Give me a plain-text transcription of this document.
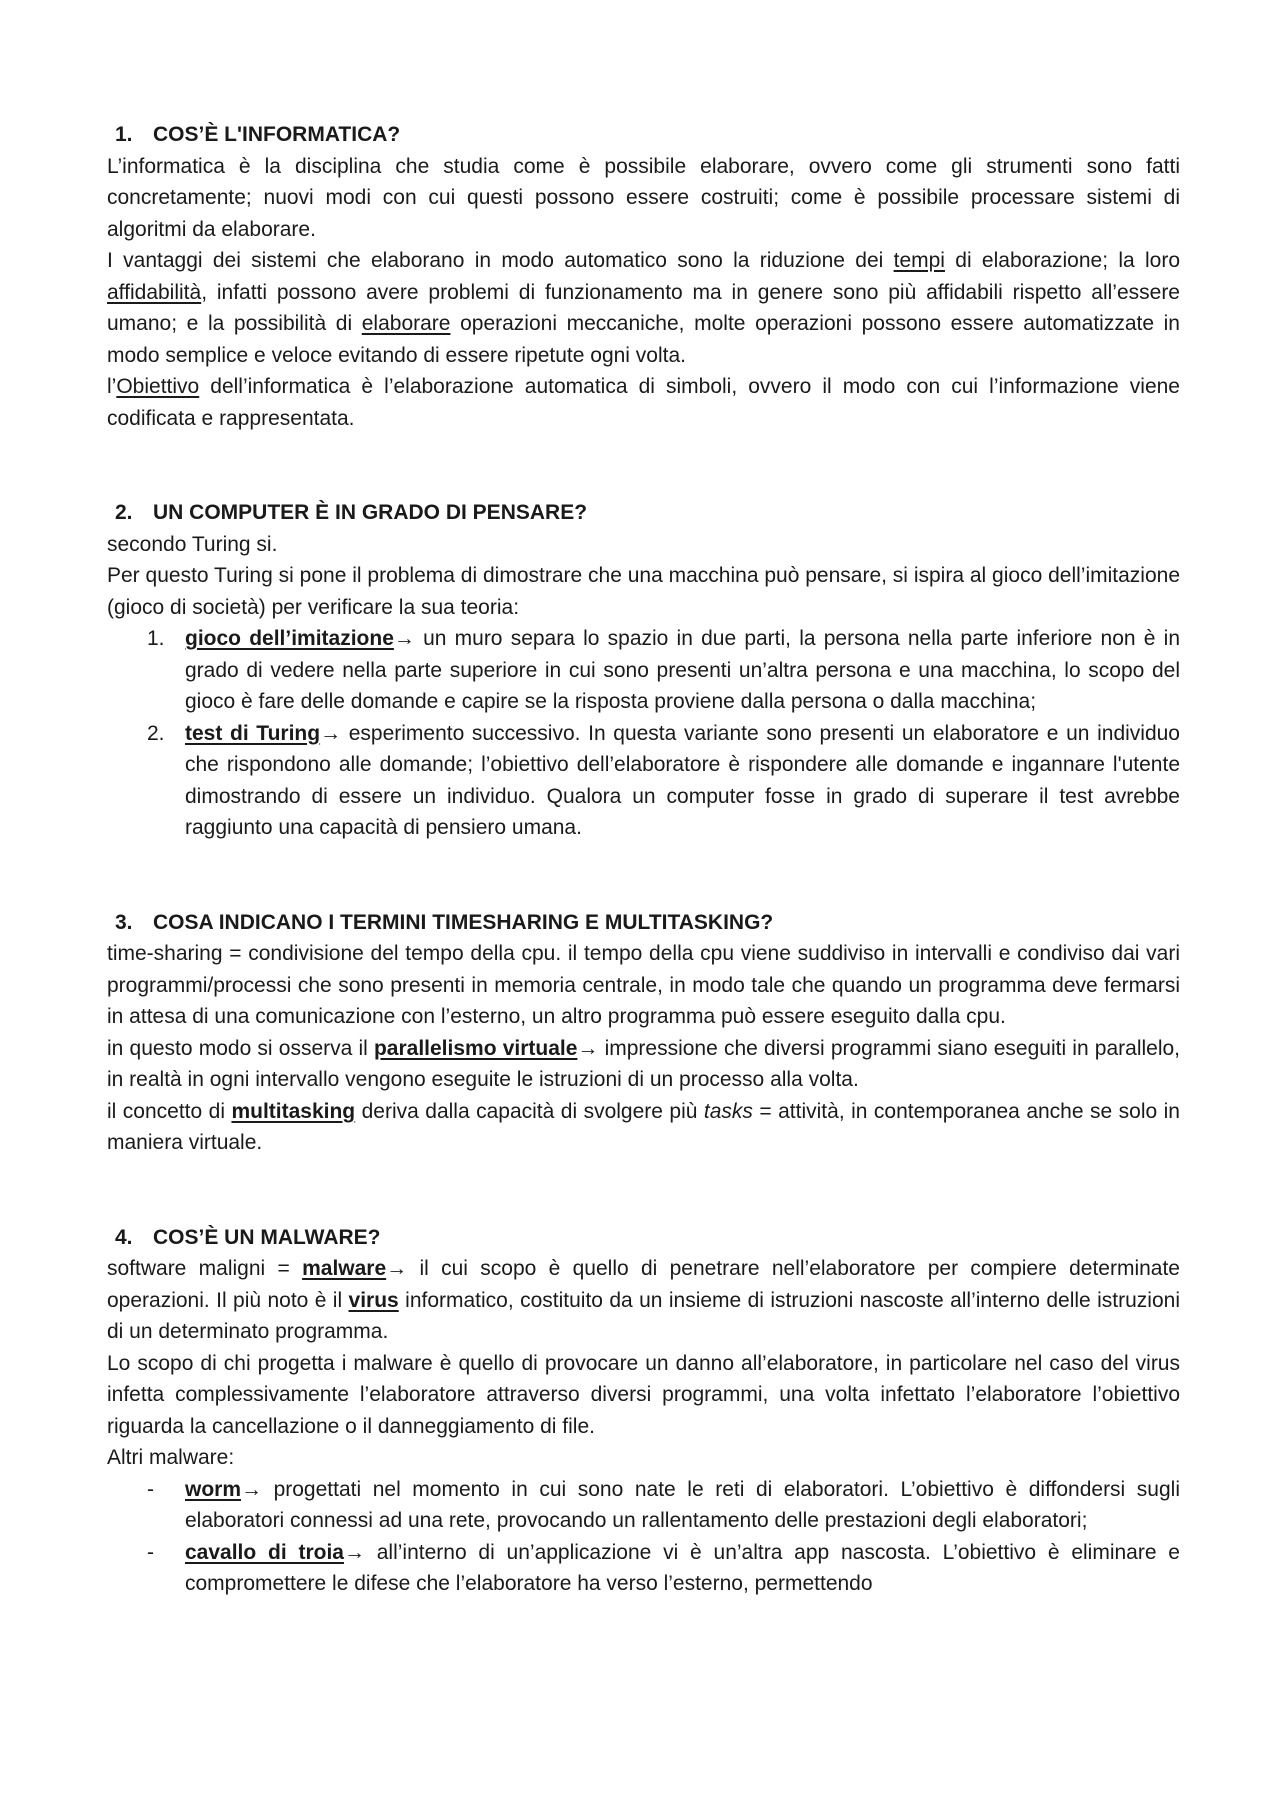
1. COS’È L'INFORMATICA?

L’informatica è la disciplina che studia come è possibile elaborare, ovvero come gli strumenti sono fatti concretamente; nuovi modi con cui questi possono essere costruiti; come è possibile processare sistemi di algoritmi da elaborare.

I vantaggi dei sistemi che elaborano in modo automatico sono la riduzione dei tempi di elaborazione; la loro affidabilità, infatti possono avere problemi di funzionamento ma in genere sono più affidabili rispetto all’essere umano; e la possibilità di elaborare operazioni meccaniche, molte operazioni possono essere automatizzate in modo semplice e veloce evitando di essere ripetute ogni volta.

l’Obiettivo dell’informatica è l’elaborazione automatica di simboli, ovvero il modo con cui l’informazione viene codificata e rappresentata.

2. UN COMPUTER È IN GRADO DI PENSARE?

secondo Turing si.

Per questo Turing si pone il problema di dimostrare che una macchina può pensare, si ispira al gioco dell’imitazione (gioco di società) per verificare la sua teoria:

1. gioco dell’imitazione→ un muro separa lo spazio in due parti, la persona nella parte inferiore non è in grado di vedere nella parte superiore in cui sono presenti un’altra persona e una macchina, lo scopo del gioco è fare delle domande e capire se la risposta proviene dalla persona o dalla macchina;
2. test di Turing→ esperimento successivo. In questa variante sono presenti un elaboratore e un individuo che rispondono alle domande; l’obiettivo dell’elaboratore è rispondere alle domande e ingannare l'utente dimostrando di essere un individuo. Qualora un computer fosse in grado di superare il test avrebbe raggiunto una capacità di pensiero umana.
3. COSA INDICANO I TERMINI TIMESHARING E MULTITASKING?

time-sharing = condivisione del tempo della cpu. il tempo della cpu viene suddiviso in intervalli e condiviso dai vari programmi/processi che sono presenti in memoria centrale, in modo tale che quando un programma deve fermarsi in attesa di una comunicazione con l’esterno, un altro programma può essere eseguito dalla cpu.

in questo modo si osserva il parallelismo virtuale→ impressione che diversi programmi siano eseguiti in parallelo, in realtà in ogni intervallo vengono eseguite le istruzioni di un processo alla volta.

il concetto di multitasking deriva dalla capacità di svolgere più tasks = attività, in contemporanea anche se solo in maniera virtuale.

4. COS’È UN MALWARE?

software maligni = malware→ il cui scopo è quello di penetrare nell’elaboratore per compiere determinate operazioni. Il più noto è il virus informatico, costituito da un insieme di istruzioni nascoste all’interno delle istruzioni di un determinato programma.

Lo scopo di chi progetta i malware è quello di provocare un danno all’elaboratore, in particolare nel caso del virus infetta complessivamente l’elaboratore attraverso diversi programmi, una volta infettato l’elaboratore l’obiettivo riguarda la cancellazione o il danneggiamento di file.

Altri malware:

- worm→ progettati nel momento in cui sono nate le reti di elaboratori. L’obiettivo è diffondersi sugli elaboratori connessi ad una rete, provocando un rallentamento delle prestazioni degli elaboratori;
- cavallo di troia→ all’interno di un’applicazione vi è un’altra app nascosta. L’obiettivo è eliminare e compromettere le difese che l’elaboratore ha verso l’esterno, permettendo
